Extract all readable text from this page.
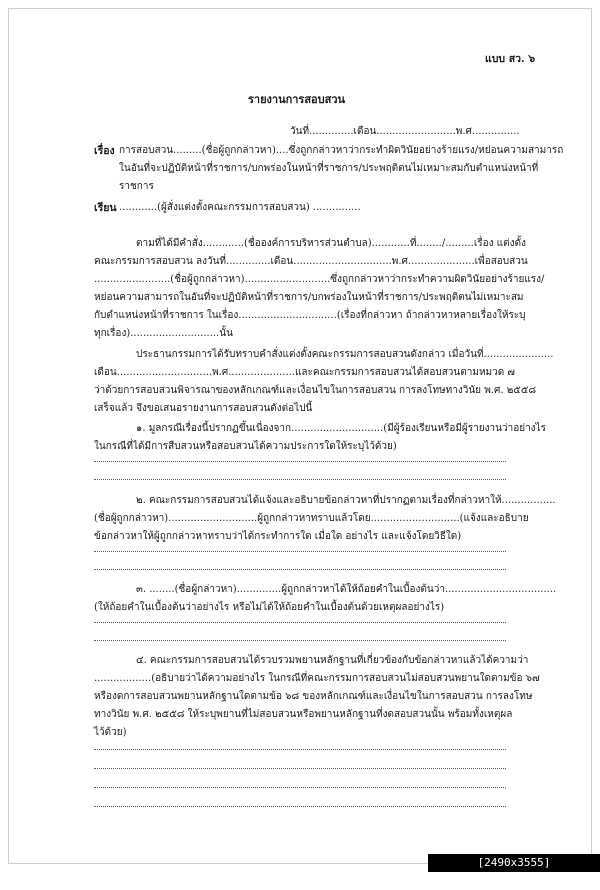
แบบ สว. ๖
รายงานการสอบสวน
วันที่..............เดือน.........................พ.ศ...............
เรื่อง การสอบสวน.........(ชื่อผู้ถูกกล่าวหา)....ซึ่งถูกกล่าวหาว่ากระทำผิดวินัยอย่างร้ายแรง/หย่อนความสามารถ
ในอันที่จะปฏิบัติหน้าที่ราชการ/บกพร่องในหน้าที่ราชการ/ประพฤติตนไม่เหมาะสมกับตำแหน่งหน้าที่
ราชการ
เรียน ............(ผู้สั่งแต่งตั้งคณะกรรมการสอบสวน) ...............
ตามที่ได้มีคำสั่ง.............(ชื่อองค์การบริหารส่วนตำบล)............ที่......../.........เรื่อง แต่งตั้ง
คณะกรรมการสอบสวน ลงวันที่..............เดือน...............................พ.ศ.....................เพื่อสอบสวน
........................(ชื่อผู้ถูกกล่าวหา)...........................ซึ่งถูกกล่าวหาว่ากระทำความผิดวินัยอย่างร้ายแรง/
หย่อนความสามารถในอันที่จะปฏิบัติหน้าที่ราชการ/บกพร่องในหน้าที่ราชการ/ประพฤติตนไม่เหมาะสม
กับตำแหน่งหน้าที่ราชการ ในเรื่อง...............................(เรื่องที่กล่าวหา ถ้ากล่าวหาหลายเรื่องให้ระบุ
ทุกเรื่อง)............................นั้น
ประธานกรรมการได้รับทราบคำสั่งแต่งตั้งคณะกรรมการสอบสวนดังกล่าว เมื่อวันที่......................
เดือน..............................พ.ศ.....................และคณะกรรมการสอบสวนได้สอบสวนตามหมวด ๗
ว่าด้วยการสอบสวนพิจารณาของหลักเกณฑ์และเงื่อนไขในการสอบสวน การลงโทษทางวินัย พ.ศ. ๒๕๕๘
เสร็จแล้ว จึงขอเสนอรายงานการสอบสวนดังต่อไปนี้
๑. มูลกรณีเรื่องนี้ปรากฏขึ้นเนื่องจาก.............................(มีผู้ร้องเรียนหรือมีผู้รายงานว่าอย่างไร
ในกรณีที่ได้มีการสืบสวนหรือสอบสวนได้ความประการใดให้ระบุไว้ด้วย)
๒. คณะกรรมการสอบสวนได้แจ้งและอธิบายข้อกล่าวหาที่ปรากฏตามเรื่องที่กล่าวหาให้.................
(ชื่อผู้ถูกกล่าวหา)............................ผู้ถูกกล่าวหาทราบแล้วโดย............................(แจ้งและอธิบาย
ข้อกล่าวหาให้ผู้ถูกกล่าวหาทราบว่าได้กระทำการใด เมื่อใด อย่างไร และแจ้งโดยวิธีใด)
๓. ........(ชื่อผู้กล่าวหา)..............ผู้ถูกกล่าวหาได้ให้ถ้อยคำในเบื้องต้นว่า...................................
(ให้ถ้อยคำในเบื้องต้นว่าอย่างไร หรือไม่ได้ให้ถ้อยคำในเบื้องต้นด้วยเหตุผลอย่างไร)
๔. คณะกรรมการสอบสวนได้รวบรวมพยานหลักฐานที่เกี่ยวข้องกับข้อกล่าวหาแล้วได้ความว่า
..................(อธิบายว่าได้ความอย่างไร ในกรณีที่คณะกรรมการสอบสวนไม่สอบสวนพยานใดตามข้อ ๖๗
หรืองดการสอบสวนพยานหลักฐานใดตามข้อ ๖๘ ของหลักเกณฑ์และเงื่อนไขในการสอบสวน การลงโทษ
ทางวินัย พ.ศ. ๒๕๕๘ ให้ระบุพยานที่ไม่สอบสวนหรือพยานหลักฐานที่งดสอบสวนนั้น พร้อมทั้งเหตุผล
ไว้ด้วย)
[2490x3555] https://upic.me/
